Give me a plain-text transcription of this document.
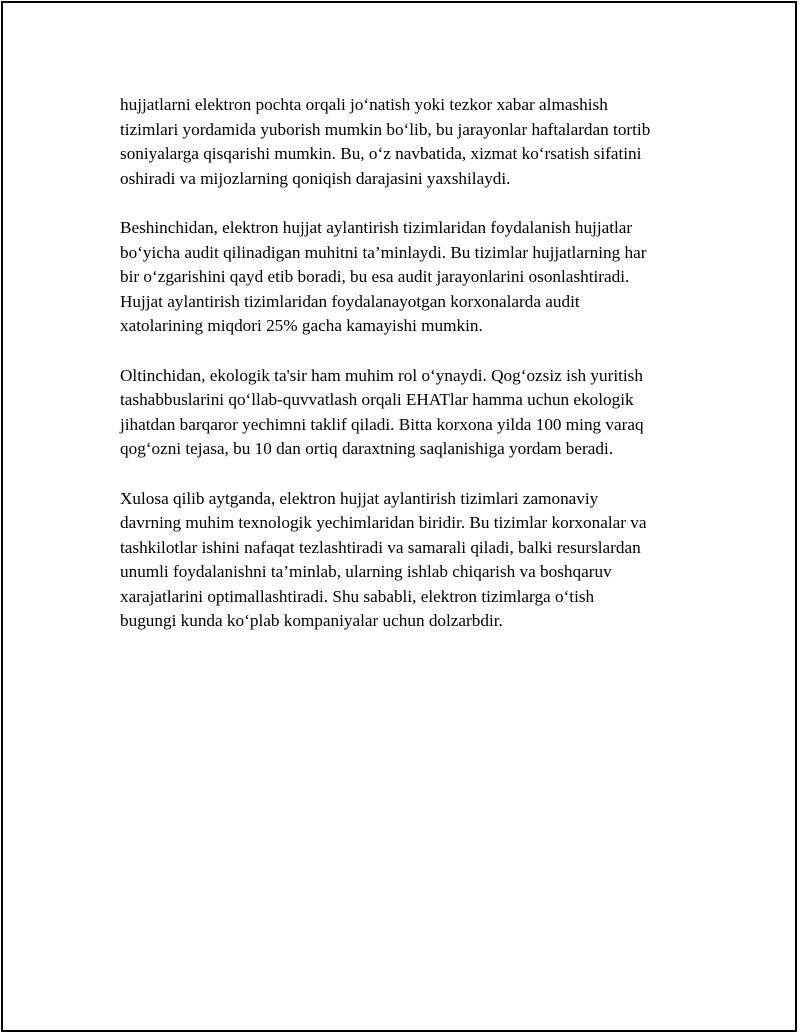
hujjatlarni elektron pochta orqali jo‘natish yoki tezkor xabar almashish
tizimlari yordamida yuborish mumkin bo‘lib, bu jarayonlar haftalardan tortib
soniyalarga qisqarishi mumkin. Bu, o‘z navbatida, xizmat ko‘rsatish sifatini
oshiradi va mijozlarning qoniqish darajasini yaxshilaydi.

Beshinchidan, elektron hujjat aylantirish tizimlaridan foydalanish hujjatlar
bo‘yicha audit qilinadigan muhitni ta’minlaydi. Bu tizimlar hujjatlarning har
bir o‘zgarishini qayd etib boradi, bu esa audit jarayonlarini osonlashtiradi.
Hujjat aylantirish tizimlaridan foydalanayotgan korxonalarda audit
xatolarining miqdori 25% gacha kamayishi mumkin.

Oltinchidan, ekologik ta'sir ham muhim rol o‘ynaydi. Qog‘ozsiz ish yuritish
tashabbuslarini qo‘llab-quvvatlash orqali EHATlar hamma uchun ekologik
jihatdan barqaror yechimni taklif qiladi. Bitta korxona yilda 100 ming varaq
qog‘ozni tejasa, bu 10 dan ortiq daraxtning saqlanishiga yordam beradi.

Xulosa qilib aytganda, elektron hujjat aylantirish tizimlari zamonaviy
davrning muhim texnologik yechimlaridan biridir. Bu tizimlar korxonalar va
tashkilotlar ishini nafaqat tezlashtiradi va samarali qiladi, balki resurslardan
unumli foydalanishni ta’minlab, ularning ishlab chiqarish va boshqaruv
xarajatlarini optimallashtiradi. Shu sababli, elektron tizimlarga o‘tish
bugungi kunda ko‘plab kompaniyalar uchun dolzarbdir.
